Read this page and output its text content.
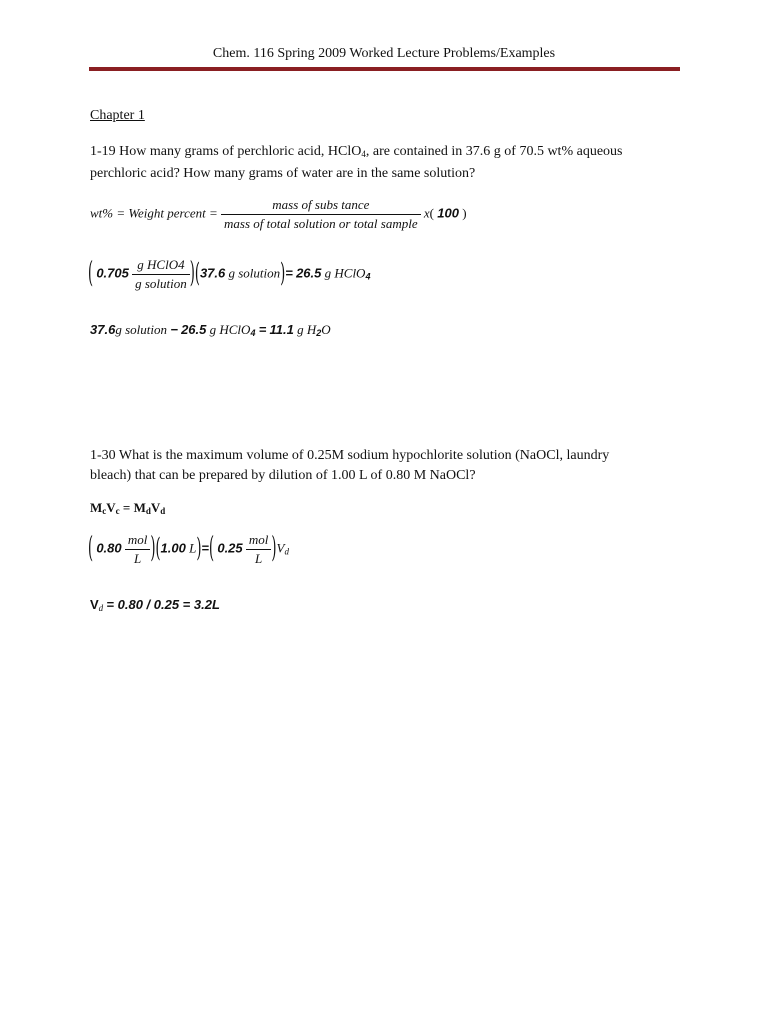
Chem. 116 Spring 2009 Worked Lecture Problems/Examples
Chapter 1
1-19 How many grams of perchloric acid, HClO$_4$, are contained in 37.6 g of 70.5 wt% aqueous
perchloric acid? How many grams of water are in the same solution?
wt% = Weight percent = $\frac{\text{mass of subs tance}}{\text{mass of total solution or total sample}} x$( 100 )
( $0.705 \frac{\text{g HClO4}}{\text{g solution}} )(37.6$ g solution)= 26.5 g HClO$_4$
37.6g solution − 26.5 g HClO$_4$ = 11.1 g $H_2O$
1-30 What is the maximum volume of 0.25M sodium hypochlorite solution (NaOCl, laundry
bleach) that can be prepared by dilution of 1.00 L of 0.80 M NaOCl?
$M_cV_c = M_dV_d$
( $0.80 \frac{\text{mol}}{L} )(1.00$ L)=( $0.25 \frac{\text{mol}}{L} )V_d$
$V_d = 0.80 / 0.25 = 3.2L$
